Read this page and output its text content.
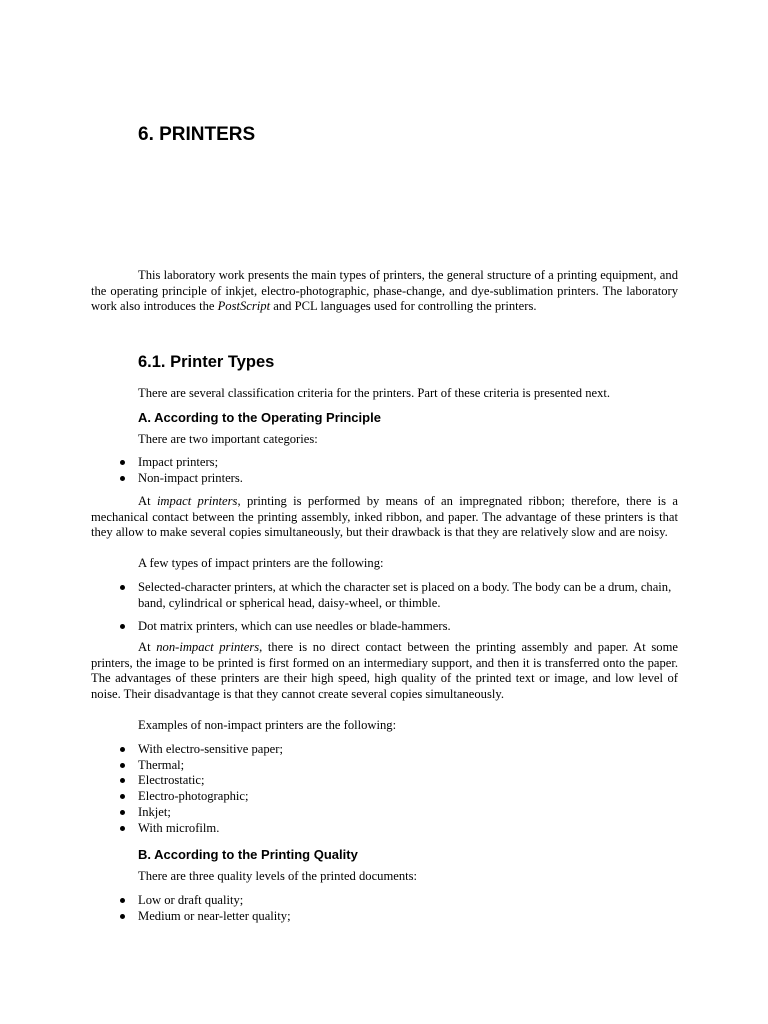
6. PRINTERS

This laboratory work presents the main types of printers, the general structure of a printing equipment, and the operating principle of inkjet, electro-photographic, phase-change, and dye-sublimation printers. The laboratory work also introduces the PostScript and PCL languages used for controlling the printers.

6.1. Printer Types

There are several classification criteria for the printers. Part of these criteria is presented next.

A. According to the Operating Principle

There are two important categories:

Impact printers;
Non-impact printers.

At impact printers, printing is performed by means of an impregnated ribbon; therefore, there is a mechanical contact between the printing assembly, inked ribbon, and paper. The advantage of these printers is that they allow to make several copies simultaneously, but their drawback is that they are relatively slow and are noisy.

A few types of impact printers are the following:

Selected-character printers, at which the character set is placed on a body. The body can be a drum, chain, band, cylindrical or spherical head, daisy-wheel, or thimble.
Dot matrix printers, which can use needles or blade-hammers.

At non-impact printers, there is no direct contact between the printing assembly and paper. At some printers, the image to be printed is first formed on an intermediary support, and then it is transferred onto the paper. The advantages of these printers are their high speed, high quality of the printed text or image, and low level of noise. Their disadvantage is that they cannot create several copies simultaneously.

Examples of non-impact printers are the following:

With electro-sensitive paper;
Thermal;
Electrostatic;
Electro-photographic;
Inkjet;
With microfilm.
B. According to the Printing Quality

There are three quality levels of the printed documents:

Low or draft quality;
Medium or near-letter quality;
